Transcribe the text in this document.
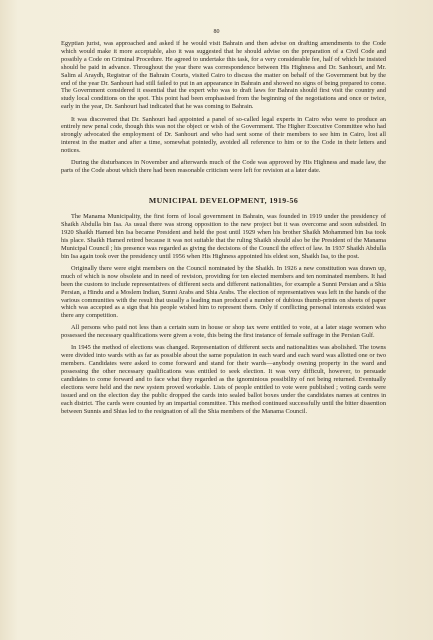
80

Egyptian jurist, was approached and asked if he would visit Bahrain and then advise on drafting amendments to the Code which would make it more acceptable, also it was suggested that he should advise on the preparation of a Civil Code and possibly a Code on Criminal Procedure. He agreed to undertake this task, for a very considerable fee, half of which he insisted should be paid in advance. Throughout the year there was correspondence between His Highness and Dr. Sanhouri, and Mr. Salim al Araydh, Registrar of the Bahrain Courts, visited Cairo to discuss the matter on behalf of the Government but by the end of the year Dr. Sanhouri had still failed to put in an appearance in Bahrain and showed no signs of being prepared to come. The Government considered it essential that the expert who was to draft laws for Bahrain should first visit the country and study local conditions on the spot. This point had been emphasised from the beginning of the negotiations and once or twice, early in the year, Dr. Sanhouri had indicated that he was coming to Bahrain.

It was discovered that Dr. Sanhouri had appointed a panel of so-called legal experts in Cairo who were to produce an entirely new penal code, though this was not the object or wish of the Government. The Higher Executive Committee who had strongly advocated the employment of Dr. Sanhouri and who had sent some of their members to see him in Cairo, lost all interest in the matter and after a time, somewhat pointedly, avoided all reference to him or to the Code in their letters and notices.

During the disturbances in November and afterwards much of the Code was approved by His Highness and made law, the parts of the Code about which there had been reasonable criticism were left for revision at a later date.

MUNICIPAL DEVELOPMENT, 1919-56

The Manama Municipality, the first form of local government in Bahrain, was founded in 1919 under the presidency of Shaikh Abdulla bin Isa. As usual there was strong opposition to the new project but it was overcome and soon subsided. In 1920 Shaikh Hamed bin Isa became President and held the post until 1929 when his brother Shaikh Mohammed bin Isa took his place. Shaikh Hamed retired because it was not suitable that the ruling Shaikh should also be the President of the Manama Municipal Council ; his presence was regarded as giving the decisions of the Council the effect of law. In 1937 Shaikh Abdulla bin Isa again took over the presidency until 1956 when His Highness appointed his eldest son, Shaikh Isa, to the post.

Originally there were eight members on the Council nominated by the Shaikh. In 1926 a new constitution was drawn up, much of which is now obsolete and in need of revision, providing for ten elected members and ten nominated members. It had been the custom to include representatives of different sects and different nationalities, for example a Sunni Persian and a Shia Persian, a Hindu and a Moslem Indian, Sunni Arabs and Shia Arabs. The election of representatives was left in the hands of the various communities with the result that usually a leading man produced a number of dubious thumb-prints on sheets of paper which was accepted as a sign that his people wished him to represent them. Only if conflicting personal interests existed was there any competition.

All persons who paid not less than a certain sum in house or shop tax were entitled to vote, at a later stage women who possessed the necessary qualifications were given a vote, this being the first instance of female suffrage in the Persian Gulf.

In 1945 the method of elections was changed. Representation of different sects and nationalities was abolished. The towns were divided into wards with as far as possible about the same population in each ward and each ward was allotted one or two members. Candidates were asked to come forward and stand for their wards—anybody owning property in the ward and possessing the other necessary qualifications was entitled to seek election. It was very difficult, however, to persuade candidates to come forward and to face what they regarded as the ignominious possibility of not being returned. Eventually elections were held and the new system proved workable. Lists of people entitled to vote were published ; voting cards were issued and on the election day the public dropped the cards into sealed ballot boxes under the candidates names at centres in each district. The cards were counted by an impartial committee. This method continued successfully until the bitter dissention between Sunnis and Shias led to the resignation of all the Shia members of the Manama Council.
